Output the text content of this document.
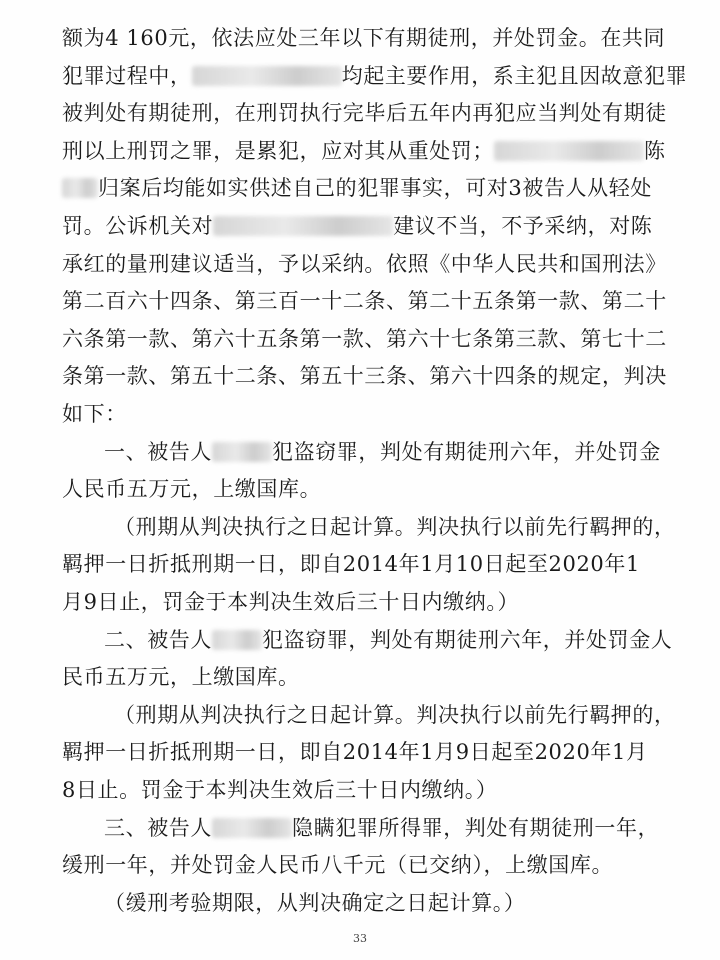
额为4 160元，依法应处三年以下有期徒刑，并处罚金。在共同
犯罪过程中，	均起主要作用，系主犯且因故意犯罪
被判处有期徒刑，在刑罚执行完毕后五年内再犯应当判处有期徒
刑以上刑罚之罪，是累犯，应对其从重处罚；	陈
归案后均能如实供述自己的犯罪事实，可对3被告人从轻处
罚。公诉机关对	建议不当，不予采纳，对陈
承红的量刑建议适当，予以采纳。依照《中华人民共和国刑法》
第二百六十四条、第三百一十二条、第二十五条第一款、第二十
六条第一款、第六十五条第一款、第六十七条第三款、第七十二
条第一款、第五十二条、第五十三条、第六十四条的规定，判决
如下：
一、被告人	犯盗窃罪，判处有期徒刑六年，并处罚金
人民币五万元，上缴国库。
（刑期从判决执行之日起计算。判决执行以前先行羁押的，
羁押一日折抵刑期一日，即自2014年1月10日起至2020年1
月9日止，罚金于本判决生效后三十日内缴纳。）
二、被告人 犯盗窃罪，判处有期徒刑六年，并处罚金人
民币五万元，上缴国库。
（刑期从判决执行之日起计算。判决执行以前先行羁押的，
羁押一日折抵刑期一日，即自2014年1月9日起至2020年1月
8日止。罚金于本判决生效后三十日内缴纳。）
33
三、被告人	隐瞒犯罪所得罪，判处有期徒刑一年，
缓刑一年，并处罚金人民币八千元（已交纳），上缴国库。
（缓刑考验期限，从判决确定之日起计算。）
